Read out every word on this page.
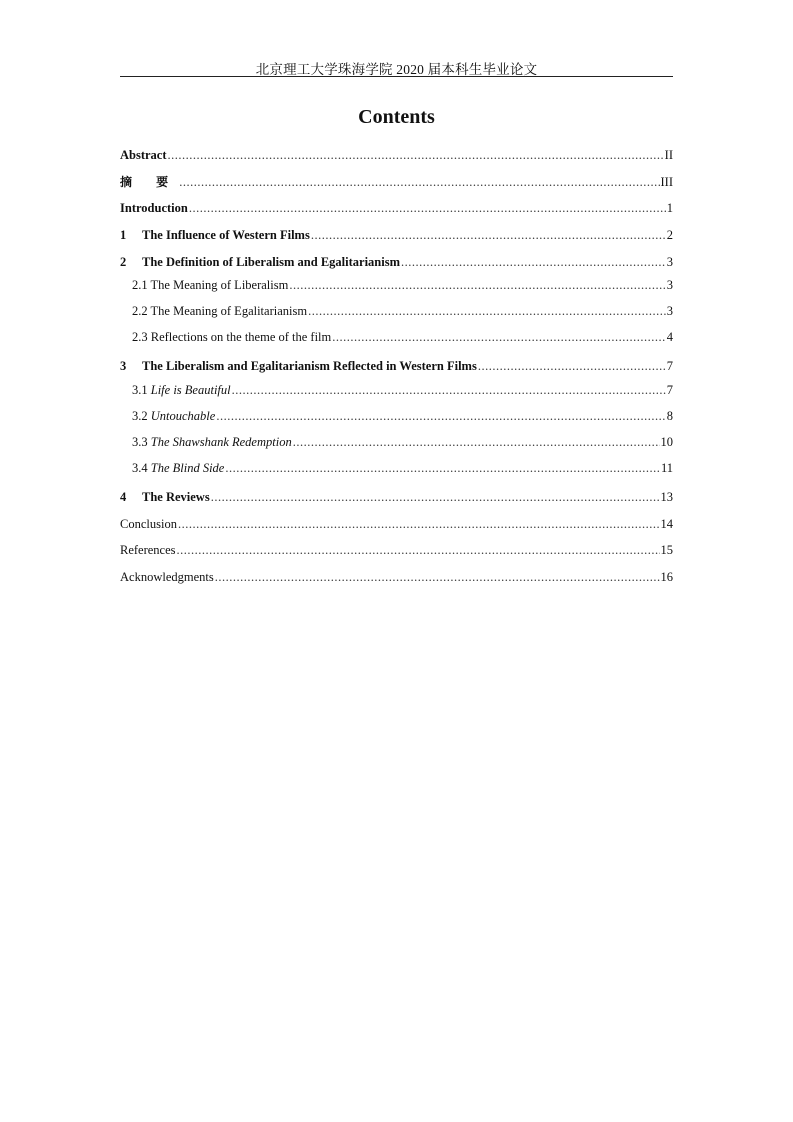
北京理工大学珠海学院 2020 届本科生毕业论文
Contents
Abstract .....	II
摘 要 .....	III
Introduction .....	1
1 The Influence of Western Films .....	2
2 The Definition of Liberalism and Egalitarianism .....	3
2.1 The Meaning of Liberalism .....	3
2.2 The Meaning of Egalitarianism .....	3
2.3 Reflections on the theme of the film .....	4
3 The Liberalism and Egalitarianism Reflected in Western Films .....	7
3.1 Life is Beautiful .....	7
3.2 Untouchable .....	8
3.3 The Shawshank Redemption .....	10
3.4 The Blind Side .....	11
4 The Reviews .....	13
Conclusion .....	14
References .....	15
Acknowledgments .....	16
